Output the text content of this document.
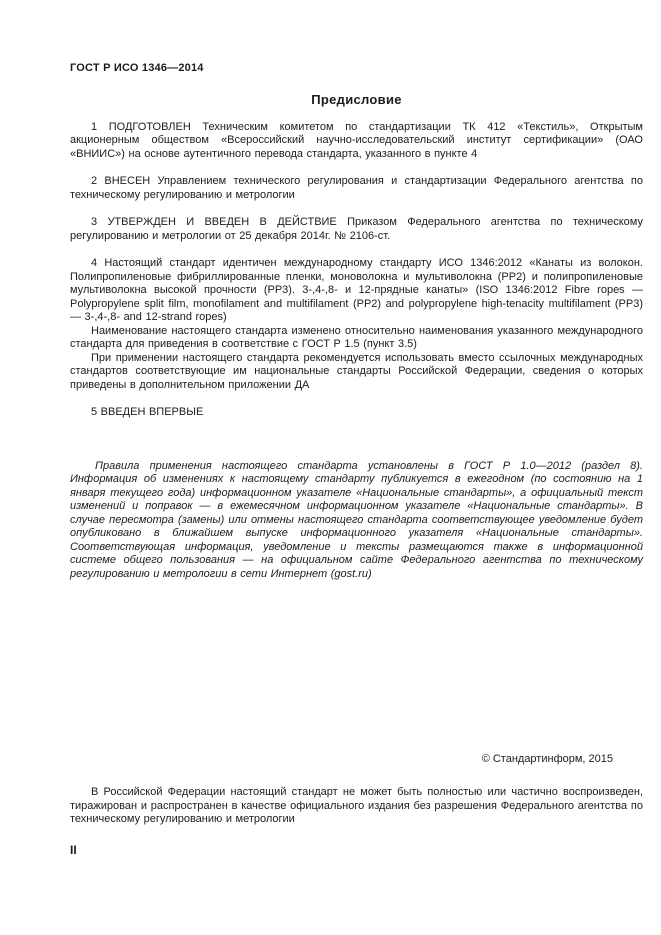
ГОСТ Р ИСО 1346—2014
Предисловие

1 ПОДГОТОВЛЕН Техническим комитетом по стандартизации ТК 412 «Текстиль», Открытым акционерным обществом «Всероссийский научно-исследовательский институт сертификации» (ОАО «ВНИИС») на основе аутентичного перевода стандарта, указанного в пункте 4

2 ВНЕСЕН Управлением технического регулирования и стандартизации Федерального агентства по техническому регулированию и метрологии

3 УТВЕРЖДЕН И ВВЕДЕН В ДЕЙСТВИЕ Приказом Федерального агентства по техническому регулированию и метрологии от 25 декабря 2014г. № 2106-ст.

4 Настоящий стандарт идентичен международному стандарту ИСО 1346:2012 «Канаты из волокон. Полипропиленовые фибриллированные пленки, моноволокна и мультиволокна (PP2) и полипропиленовые мультиволокна высокой прочности (PP3). 3-,4-,8- и 12-прядные канаты» (ISO 1346:2012 Fibre ropes — Polypropylene split film, monofilament and multifilament (PP2) and polypropylene high-tenacity multifilament (PP3) — 3-,4-,8- and 12-strand ropes)

Наименование настоящего стандарта изменено относительно наименования указанного международного стандарта для приведения в соответствие с ГОСТ Р 1.5 (пункт 3.5)

При применении настоящего стандарта рекомендуется использовать вместо ссылочных международных стандартов соответствующие им национальные стандарты Российской Федерации, сведения о которых приведены в дополнительном приложении ДА

5 ВВЕДЕН ВПЕРВЫЕ

Правила применения настоящего стандарта установлены в ГОСТ Р 1.0—2012 (раздел 8). Информация об изменениях к настоящему стандарту публикуется в ежегодном (по состоянию на 1 января текущего года) информационном указателе «Национальные стандарты», а официальный текст изменений и поправок — в ежемесячном информационном указателе «Национальные стандарты». В случае пересмотра (замены) или отмены настоящего стандарта соответствующее уведомление будет опубликовано в ближайшем выпуске информационного указателя «Национальные стандарты». Соответствующая информация, уведомление и тексты размещаются также в информационной системе общего пользования — на официальном сайте Федерального агентства по техническому регулированию и метрологии в сети Интернет (gost.ru)

© Стандартинформ, 2015

В Российской Федерации настоящий стандарт не может быть полностью или частично воспроизведен, тиражирован и распространен в качестве официального издания без разрешения Федерального агентства по техническому регулированию и метрологии

II
